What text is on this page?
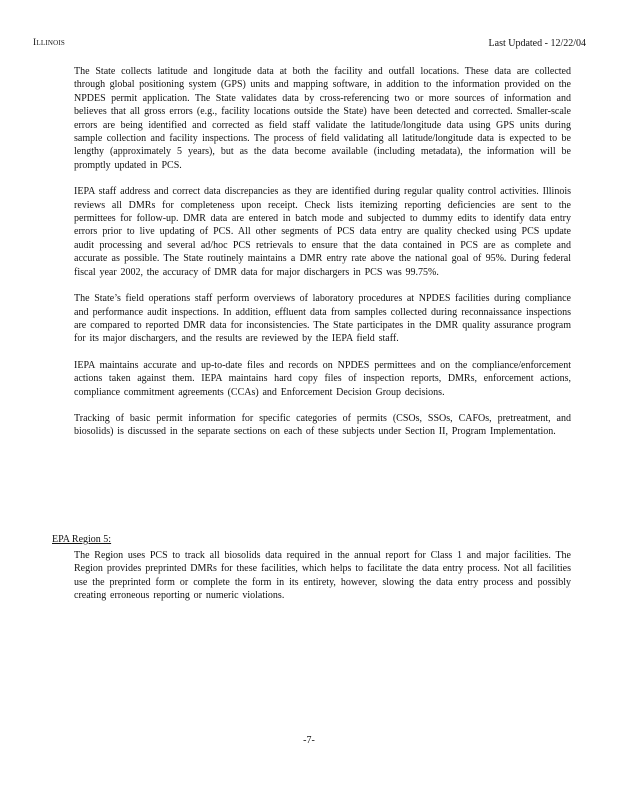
Illinois	Last Updated - 12/22/04

The State collects latitude and longitude data at both the facility and outfall locations. These data are collected through global positioning system (GPS) units and mapping software, in addition to the information provided on the NPDES permit application. The State validates data by cross-referencing two or more sources of information and believes that all gross errors (e.g., facility locations outside the State) have been detected and corrected. Smaller-scale errors are being identified and corrected as field staff validate the latitude/longitude data using GPS units during sample collection and facility inspections. The process of field validating all latitude/longitude data is expected to be lengthy (approximately 5 years), but as the data become available (including metadata), the information will be promptly updated in PCS.

IEPA staff address and correct data discrepancies as they are identified during regular quality control activities. Illinois reviews all DMRs for completeness upon receipt. Check lists itemizing reporting deficiencies are sent to the permittees for follow-up. DMR data are entered in batch mode and subjected to dummy edits to identify data entry errors prior to live updating of PCS. All other segments of PCS data entry are quality checked using PCS update audit processing and several ad/hoc PCS retrievals to ensure that the data contained in PCS are as complete and accurate as possible. The State routinely maintains a DMR entry rate above the national goal of 95%. During federal fiscal year 2002, the accuracy of DMR data for major dischargers in PCS was 99.75%.

The State’s field operations staff perform overviews of laboratory procedures at NPDES facilities during compliance and performance audit inspections. In addition, effluent data from samples collected during reconnaissance inspections are compared to reported DMR data for inconsistencies. The State participates in the DMR quality assurance program for its major dischargers, and the results are reviewed by the IEPA field staff.

IEPA maintains accurate and up-to-date files and records on NPDES permittees and on the compliance/enforcement actions taken against them. IEPA maintains hard copy files of inspection reports, DMRs, enforcement actions, compliance commitment agreements (CCAs) and Enforcement Decision Group decisions.

Tracking of basic permit information for specific categories of permits (CSOs, SSOs, CAFOs, pretreatment, and biosolids) is discussed in the separate sections on each of these subjects under Section II, Program Implementation.

EPA Region 5:

The Region uses PCS to track all biosolids data required in the annual report for Class 1 and major facilities. The Region provides preprinted DMRs for these facilities, which helps to facilitate the data entry process. Not all facilities use the preprinted form or complete the form in its entirety, however, slowing the data entry process and possibly creating erroneous reporting or numeric violations.

-7-
